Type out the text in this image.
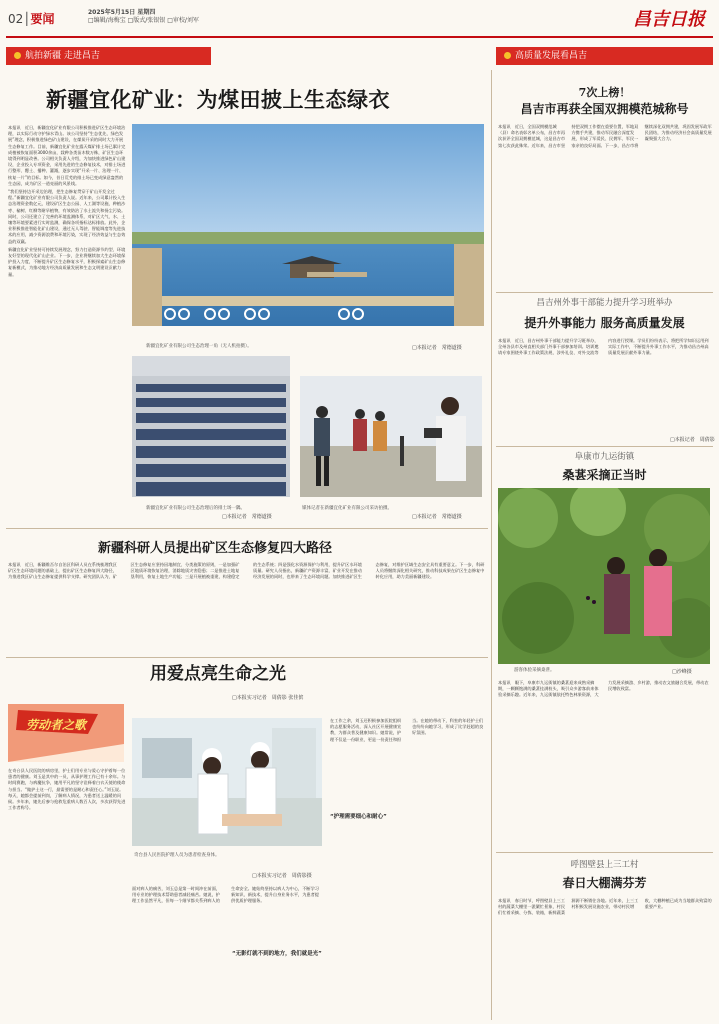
02│要闻	2025年5月15日 星期四
□编辑/海梅宝 □版式/张银银 □审校/刘军	昌吉日报
航拍新疆 走进昌吉	高质量发展看昌吉
新疆宜化矿业：为煤田披上生态绿衣

本报讯　近日，新疆宜化矿业有限公司积极推进矿区生态环境治理，以实际行动守护绿水青山。该公司坚持“生态优先、绿色发展”理念，积极推进绿色矿山建设，在煤炭开采的同时大力开展生态修复工作。目前，新疆宜化矿业在露天煤矿排土场已累计完成植被恢复面积3000余亩，栽种各类苗木数万株，矿区生态环境得到明显改善。公司相关负责人介绍，为加快推进绿色矿山建设，企业投入专项资金，采用先进的生态修复技术，对排土场进行整形、覆土、播种、灌溉，逐步实现“开采一片、治理一片、恢复一片”的目标。如今，昔日荒芜的排土场已变成绿意盎然的生态园，成为矿区一道亮丽的风景线。

“我们坚持边开采边治理，把生态修复贯穿于矿山开发全过程。”新疆宜化矿业有限公司负责人说。近年来，公司累计投入生态治理资金数亿元，建设矿区生态公园、人工湖等设施，种植沙枣、榆树、红柳等耐旱植物，有效防治了水土流失和扬尘污染。同时，公司还建立了完善的环境监测体系，对矿区大气、水、土壤等环境要素进行实时监测，确保各项指标达标排放。此外，企业积极推进智能化矿山建设，通过无人驾驶、智能调度等先进技术的应用，减少资源浪费和环境污染，实现了经济效益与生态效益的双赢。

新疆宜化矿业坚持可持续发展理念，努力打造资源节约型、环境友好型的现代化矿山企业。下一步，企业将继续加大生态环境保护投入力度，不断提升矿区生态修复水平，积极探索矿山生态修复新模式，为推动地方经济高质量发展和生态文明建设贡献力量。

新疆宜化矿业有限公司生态治理一角（无人机拍摄）。	□本报记者　常德道摄
新疆宜化矿业有限公司生态治理后的排土场一隅。
□本报记者　常德道摄
媒体记者在新疆宜化矿业有限公司采访拍摄。
□本报记者　常德道摄
新疆科研人员提出矿区生态修复四大路径

本报讯　近日，新疆维吾尔自治区科研人员在系统梳理我区矿区生态环境问题的基础上，提出矿区生态修复四大路径，为推进我区矿山生态修复提供科学支撑。研究团队认为，矿区生态修复应坚持因地制宜、分类施策的原则，一是加强矿区地质环境恢复治理，消除地质灾害隐患；二是推进土地复垦利用，恢复土地生产功能；三是开展植被重建，构建稳定的生态系统；四是强化水资源保护与利用，提升矿区水环境质量。研究人员指出，新疆矿产资源丰富，矿业开发在推动经济发展的同时，也带来了生态环境问题。加快推进矿区生态修复，对维护区域生态安全具有重要意义。下一步，科研人员将继续深化相关研究，推动科技成果在矿区生态修复中转化应用，助力美丽新疆建设。

用爱点亮生命之光
□本报实习记者　周倩影 张佳傧
劳动者之歌

在奇台县人民医院的病房里，护士们用专业与爱心守护着每一位患者的健康。刘玉是其中的一员，从事护理工作已有十余年。与时间赛跑，与病魔抗争，她用平凡的坚守诠释着白衣天使的使命与担当。“做护士这一行，最需要的是耐心和责任心。”刘玉说。每天，她都会提前到岗，了解病人情况，为患者送上温暖的问候。多年来，她先后参与抢救危重病人数百人次，多次获得先进工作者称号。

奇台县人民医院护理人员为患者检查身体。
□本报实习记者　周倩影摄

面对病人的痛苦，刘玉总是第一时间冲在前面，用专业的护理技术帮助患者减轻痛苦。她说，护理工作虽然平凡，但每一个细节都关系到病人的生命安全。她始终坚持以病人为中心，不断学习新知识、新技术，提升自身业务水平，为患者提供优质护理服务。

“无影灯就不到的地方，我们就是光”

在工作之余，刘玉还积极参加医院组织的志愿服务活动，深入社区开展健康宣教，为群众普及健康知识。她常说，护理不仅是一份职业，更是一份责任和担当。在她的带动下，科室的年轻护士们也纷纷向她学习，形成了比学赶超的良好氛围。

“护理需要细心和耐心”
7次上榜！
昌吉市再获全国双拥模范城称号

本报讯　近日，全国双拥模范城（县）命名表彰名单公布，昌吉市再次获评全国双拥模范城，这是昌吉市第七次获此殊荣。近年来，昌吉市坚持把双拥工作摆在重要位置，军地双方携手共建，推动军民融合深度发展，形成了军爱民、民拥军、军民一家亲的良好局面。下一步，昌吉市将继续深化双拥共建，巩固发展军政军民团结，为推动经济社会高质量发展凝聚强大合力。

昌吉州外事干部能力提升学习班举办
提升外事能力 服务高质量发展

本报讯　近日，昌吉州外事干部能力提升学习班举办，全州各县市及州直相关部门外事干部参加培训。培训邀请专家围绕外事工作政策法规、涉外礼仪、对外交流等内容进行授课。学员们纷纷表示，将把所学知识运用到实际工作中，不断提升外事工作水平，为推动昌吉州高质量发展贡献外事力量。

□本报记者　周倩影
阜康市九运街镇
桑葚采摘正当时
游客体验采摘桑葚。	□沙峰摄

本报讯　眼下，阜康市九运街镇的桑葚迎来成熟采摘期，一颗颗饱满的桑葚挂满枝头，吸引众多游客前来体验采摘乐趣。近年来，九运街镇依托特色林果资源，大力发展采摘游、乡村游，推动农文旅融合发展，带动农民增收致富。

呼图壁县上三工村
春日大棚满芬芳

本报讯　春日时节，呼图壁县上三工村的蔬菜大棚里一派繁忙景象，村民们忙着采摘、分拣、装箱，新鲜蔬菜源源不断销往各地。近年来，上三工村积极发展设施农业，带动村民增收，大棚种植已成为当地群众致富的重要产业。
